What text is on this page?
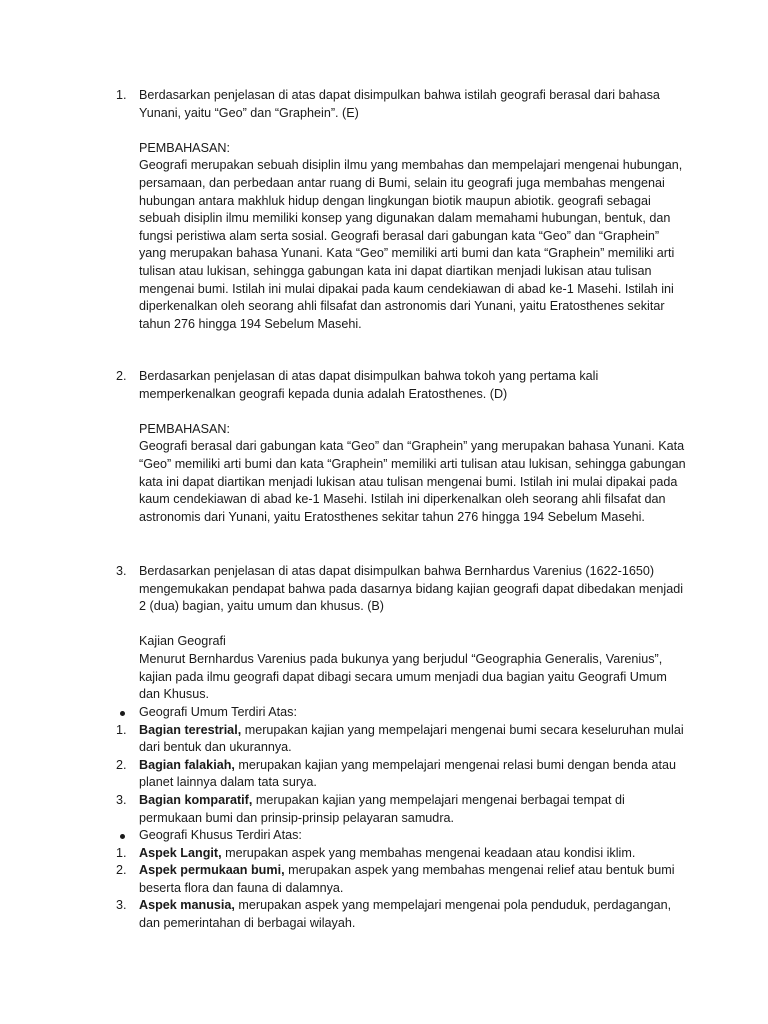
1. Berdasarkan penjelasan di atas dapat disimpulkan bahwa istilah geografi berasal dari bahasa Yunani, yaitu “Geo” dan “Graphein”. (E)

PEMBAHASAN:

Geografi merupakan sebuah disiplin ilmu yang membahas dan mempelajari mengenai hubungan, persamaan, dan perbedaan antar ruang di Bumi, selain itu geografi juga membahas mengenai hubungan antara makhluk hidup dengan lingkungan biotik maupun abiotik. geografi sebagai sebuah disiplin ilmu memiliki konsep yang digunakan dalam memahami hubungan, bentuk, dan fungsi peristiwa alam serta sosial. Geografi berasal dari gabungan kata “Geo” dan “Graphein” yang merupakan bahasa Yunani. Kata “Geo” memiliki arti bumi dan kata “Graphein” memiliki arti tulisan atau lukisan, sehingga gabungan kata ini dapat diartikan menjadi lukisan atau tulisan mengenai bumi. Istilah ini mulai dipakai pada kaum cendekiawan di abad ke-1 Masehi. Istilah ini diperkenalkan oleh seorang ahli filsafat dan astronomis dari Yunani, yaitu Eratosthenes sekitar tahun 276 hingga 194 Sebelum Masehi.

2. Berdasarkan penjelasan di atas dapat disimpulkan bahwa tokoh yang pertama kali memperkenalkan geografi kepada dunia adalah Eratosthenes. (D)

PEMBAHASAN:

Geografi berasal dari gabungan kata “Geo” dan “Graphein” yang merupakan bahasa Yunani. Kata “Geo” memiliki arti bumi dan kata “Graphein” memiliki arti tulisan atau lukisan, sehingga gabungan kata ini dapat diartikan menjadi lukisan atau tulisan mengenai bumi. Istilah ini mulai dipakai pada kaum cendekiawan di abad ke-1 Masehi. Istilah ini diperkenalkan oleh seorang ahli filsafat dan astronomis dari Yunani, yaitu Eratosthenes sekitar tahun 276 hingga 194 Sebelum Masehi.

3. Berdasarkan penjelasan di atas dapat disimpulkan bahwa Bernhardus Varenius (1622-1650) mengemukakan pendapat bahwa pada dasarnya bidang kajian geografi dapat dibedakan menjadi 2 (dua) bagian, yaitu umum dan khusus. (B)

Kajian Geografi

Menurut Bernhardus Varenius pada bukunya yang berjudul “Geographia Generalis, Varenius”, kajian pada ilmu geografi dapat dibagi secara umum menjadi dua bagian yaitu Geografi Umum dan Khusus.

Geografi Umum Terdiri Atas:
1. Bagian terestrial, merupakan kajian yang mempelajari mengenai bumi secara keseluruhan mulai dari bentuk dan ukurannya.
2. Bagian falakiah, merupakan kajian yang mempelajari mengenai relasi bumi dengan benda atau planet lainnya dalam tata surya.
3. Bagian komparatif, merupakan kajian yang mempelajari mengenai berbagai tempat di permukaan bumi dan prinsip-prinsip pelayaran samudra.
Geografi Khusus Terdiri Atas:
1. Aspek Langit, merupakan aspek yang membahas mengenai keadaan atau kondisi iklim.
2. Aspek permukaan bumi, merupakan aspek yang membahas mengenai relief atau bentuk bumi beserta flora dan fauna di dalamnya.
3. Aspek manusia, merupakan aspek yang mempelajari mengenai pola penduduk, perdagangan, dan pemerintahan di berbagai wilayah.
